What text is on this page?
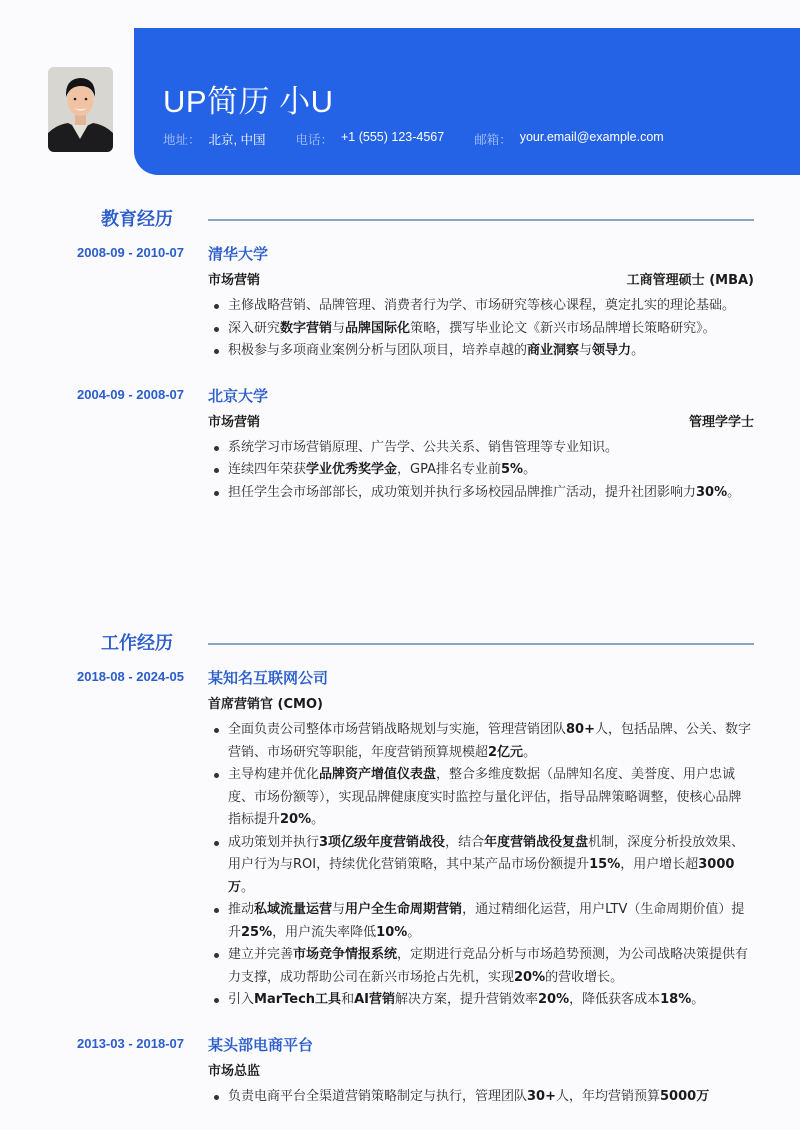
UP简历 小U
地址： 北京, 中国 电话： +1 (555) 123-4567 邮箱： your.email@example.com
教育经历
2008-09 - 2010-07 清华大学
市场营销	工商管理硕士 (MBA)
主修战略营销、品牌管理、消费者行为学、市场研究等核心课程，奠定扎实的理论基础。
深入研究数字营销与品牌国际化策略，撰写毕业论文《新兴市场品牌增长策略研究》。
积极参与多项商业案例分析与团队项目，培养卓越的商业洞察与领导力。
2004-09 - 2008-07 北京大学
市场营销	管理学学士
系统学习市场营销原理、广告学、公共关系、销售管理等专业知识。
连续四年荣获学业优秀奖学金，GPA排名专业前5%。
担任学生会市场部部长，成功策划并执行多场校园品牌推广活动，提升社团影响力30%。
工作经历
2018-08 - 2024-05 某知名互联网公司
首席营销官 (CMO)
全面负责公司整体市场营销战略规划与实施，管理营销团队80+人，包括品牌、公关、数字营销、市场研究等职能，年度营销预算规模超2亿元。
主导构建并优化品牌资产增值仪表盘，整合多维度数据（品牌知名度、美誉度、用户忠诚度、市场份额等），实现品牌健康度实时监控与量化评估，指导品牌策略调整，使核心品牌指标提升20%。
成功策划并执行3项亿级年度营销战役，结合年度营销战役复盘机制，深度分析投放效果、用户行为与ROI，持续优化营销策略，其中某产品市场份额提升15%，用户增长超3000万。
推动私域流量运营与用户全生命周期营销，通过精细化运营，用户LTV（生命周期价值）提升25%，用户流失率降低10%。
建立并完善市场竞争情报系统，定期进行竞品分析与市场趋势预测，为公司战略决策提供有力支撑，成功帮助公司在新兴市场抢占先机，实现20%的营收增长。
引入MarTech工具和AI营销解决方案，提升营销效率20%，降低获客成本18%。
2013-03 - 2018-07 某头部电商平台
市场总监
负责电商平台全渠道营销策略制定与执行，管理团队30+人，年均营销预算5000万
